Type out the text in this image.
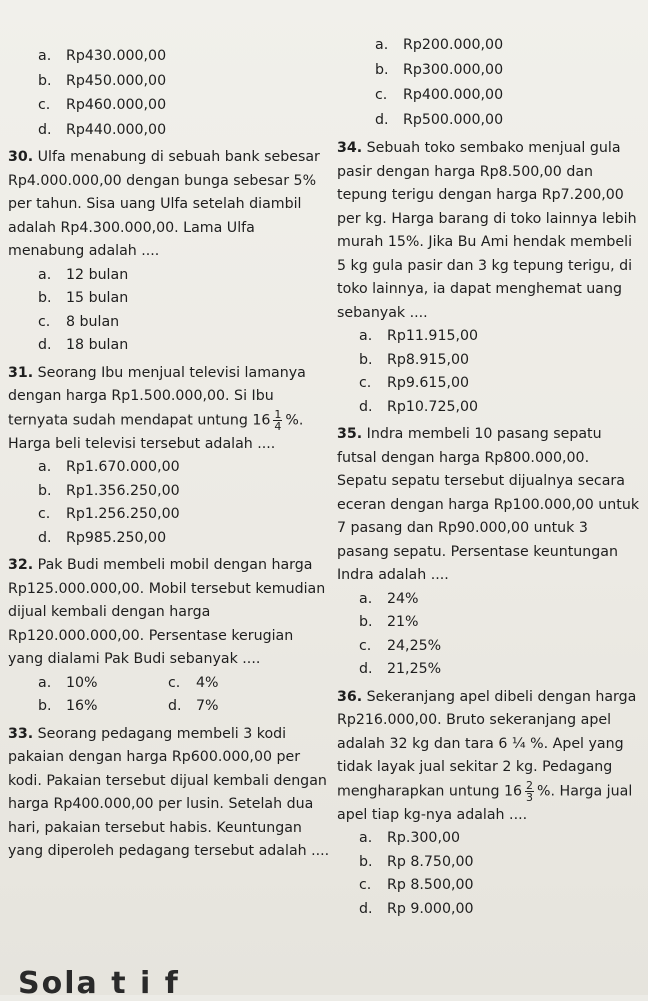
a. Rp430.000,00
b. Rp450.000,00
c. Rp460.000,00
d. Rp440.000,00
30. Ulfa menabung di sebuah bank sebesar Rp4.000.000,00 dengan bunga sebesar 5% per tahun. Sisa uang Ulfa setelah diambil adalah Rp4.300.000,00. Lama Ulfa menabung adalah ....
a. 12 bulan
b. 15 bulan
c. 8 bulan
d. 18 bulan
31. Seorang Ibu menjual televisi lamanya dengan harga Rp1.500.000,00. Si Ibu ternyata sudah mendapat untung $16 \frac{1}{4}$ %. Harga beli televisi tersebut adalah ....
a. Rp1.670.000,00
b. Rp1.356.250,00
c. Rp1.256.250,00
d. Rp985.250,00
32. Pak Budi membeli mobil dengan harga Rp125.000.000,00. Mobil tersebut kemudian dijual kembali dengan harga Rp120.000.000,00. Persentase kerugian yang dialami Pak Budi sebanyak ....
a. 10%	c. 4%
b. 16%	d. 7%
33. Seorang pedagang membeli 3 kodi pakaian dengan harga Rp600.000,00 per kodi. Pakaian tersebut dijual kembali dengan harga Rp400.000,00 per lusin. Setelah dua hari, pakaian tersebut habis. Keuntungan yang diperoleh pedagang tersebut adalah ....
Sola t i f
a. Rp200.000,00
b. Rp300.000,00
c. Rp400.000,00
d. Rp500.000,00
34. Sebuah toko sembako menjual gula pasir dengan harga Rp8.500,00 dan tepung terigu dengan harga Rp7.200,00 per kg. Harga barang di toko lainnya lebih murah 15%. Jika Bu Ami hendak membeli 5 kg gula pasir dan 3 kg tepung terigu, di toko lainnya, ia dapat menghemat uang sebanyak ....
a. Rp11.915,00
b. Rp8.915,00
c. Rp9.615,00
d. Rp10.725,00
35. Indra membeli 10 pasang sepatu futsal dengan harga Rp800.000,00. Sepatu sepatu tersebut dijualnya secara eceran dengan harga Rp100.000,00 untuk 7 pasang dan Rp90.000,00 untuk 3 pasang sepatu. Persentase keuntungan Indra adalah ....
a. 24%
b. 21%
c. 24,25%
d. 21,25%
36. Sekeranjang apel dibeli dengan harga Rp216.000,00. Bruto sekeranjang apel adalah 32 kg dan tara 6 ¼ %. Apel yang tidak layak jual sekitar 2 kg. Pedagang mengharapkan untung $16 \frac{2}{3}$ %. Harga jual apel tiap kg-nya adalah ....
a. Rp.300,00
b. Rp 8.750,00
c. Rp 8.500,00
d. Rp 9.000,00
